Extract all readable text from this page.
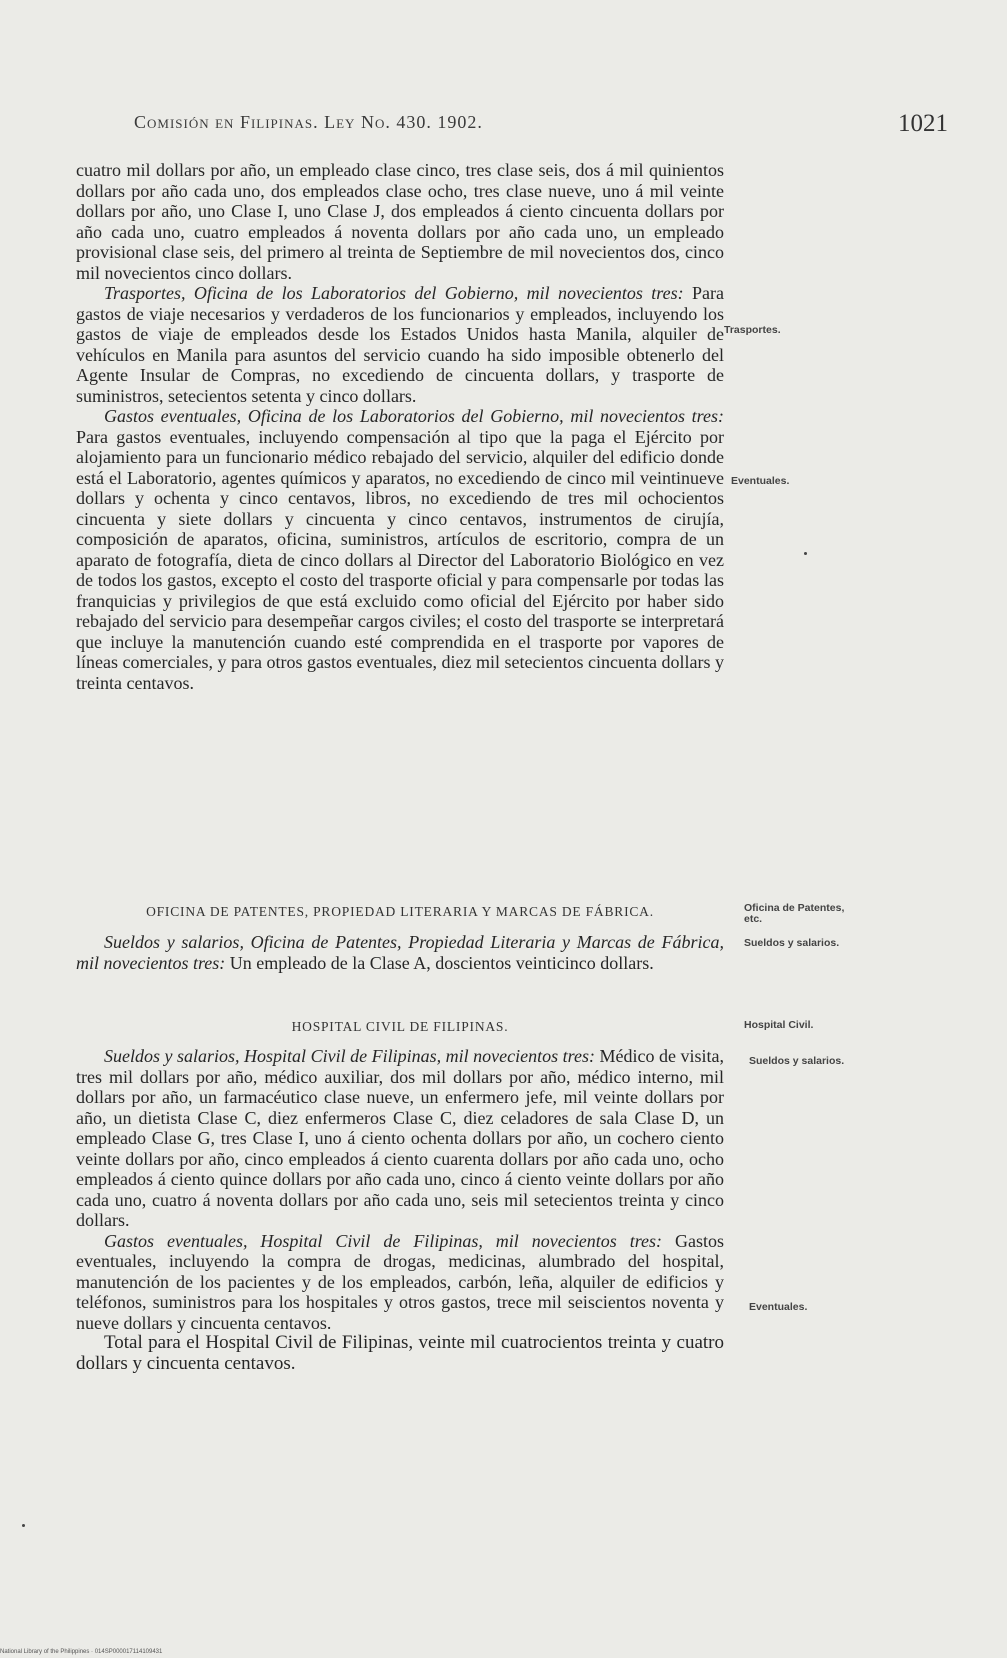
Comisión en Filipinas. Ley No. 430. 1902.	1021

cuatro mil dollars por año, un empleado clase cinco, tres clase seis, dos á mil quinientos dollars por año cada uno, dos empleados clase ocho, tres clase nueve, uno á mil veinte dollars por año, uno Clase I, uno Clase J, dos empleados á ciento cincuenta dollars por año cada uno, cuatro empleados á noventa dollars por año cada uno, un empleado provisional clase seis, del primero al treinta de Septiembre de mil novecientos dos, cinco mil novecientos cinco dollars.

Trasportes, Oficina de los Laboratorios del Gobierno, mil novecientos tres: Para gastos de viaje necesarios y verdaderos de los funcionarios y empleados, incluyendo los gastos de viaje de empleados desde los Estados Unidos hasta Manila, alquiler de vehículos en Manila para asuntos del servicio cuando ha sido imposible obtenerlo del Agente Insular de Compras, no excediendo de cincuenta dollars, y trasporte de suministros, setecientos setenta y cinco dollars.

Gastos eventuales, Oficina de los Laboratorios del Gobierno, mil novecientos tres: Para gastos eventuales, incluyendo compensación al tipo que la paga el Ejército por alojamiento para un funcionario médico rebajado del servicio, alquiler del edificio donde está el Laboratorio, agentes químicos y aparatos, no excediendo de cinco mil veintinueve dollars y ochenta y cinco centavos, libros, no excediendo de tres mil ochocientos cincuenta y siete dollars y cincuenta y cinco centavos, instrumentos de cirujía, composición de aparatos, oficina, suministros, artículos de escritorio, compra de un aparato de fotografía, dieta de cinco dollars al Director del Laboratorio Biológico en vez de todos los gastos, excepto el costo del trasporte oficial y para compensarle por todas las franquicias y privilegios de que está excluido como oficial del Ejército por haber sido rebajado del servicio para desempeñar cargos civiles; el costo del trasporte se interpretará que incluye la manutención cuando esté comprendida en el trasporte por vapores de líneas comerciales, y para otros gastos eventuales, diez mil setecientos cincuenta dollars y treinta centavos.

OFICINA DE PATENTES, PROPIEDAD LITERARIA Y MARCAS DE FÁBRICA.

Sueldos y salarios, Oficina de Patentes, Propiedad Literaria y Marcas de Fábrica, mil novecientos tres: Un empleado de la Clase A, doscientos veinticinco dollars.

HOSPITAL CIVIL DE FILIPINAS.

Sueldos y salarios, Hospital Civil de Filipinas, mil novecientos tres: Médico de visita, tres mil dollars por año, médico auxiliar, dos mil dollars por año, médico interno, mil dollars por año, un farmacéutico clase nueve, un enfermero jefe, mil veinte dollars por año, un dietista Clase C, diez enfermeros Clase C, diez celadores de sala Clase D, un empleado Clase G, tres Clase I, uno á ciento ochenta dollars por año, un cochero ciento veinte dollars por año, cinco empleados á ciento cuarenta dollars por año cada uno, ocho empleados á ciento quince dollars por año cada uno, cinco á ciento veinte dollars por año cada uno, cuatro á noventa dollars por año cada uno, seis mil setecientos treinta y cinco dollars.

Gastos eventuales, Hospital Civil de Filipinas, mil novecientos tres: Gastos eventuales, incluyendo la compra de drogas, medicinas, alumbrado del hospital, manutención de los pacientes y de los empleados, carbón, leña, alquiler de edificios y teléfonos, suministros para los hospitales y otros gastos, trece mil seiscientos noventa y nueve dollars y cincuenta centavos.

Total para el Hospital Civil de Filipinas, veinte mil cuatrocientos treinta y cuatro dollars y cincuenta centavos.

Trasportes.
Eventuales.
Oficina de Patentes, etc.
Sueldos y salarios.
Hospital Civil.
Sueldos y salarios.
Eventuales.
National Library of the Philippines · 014SP000017114109431
